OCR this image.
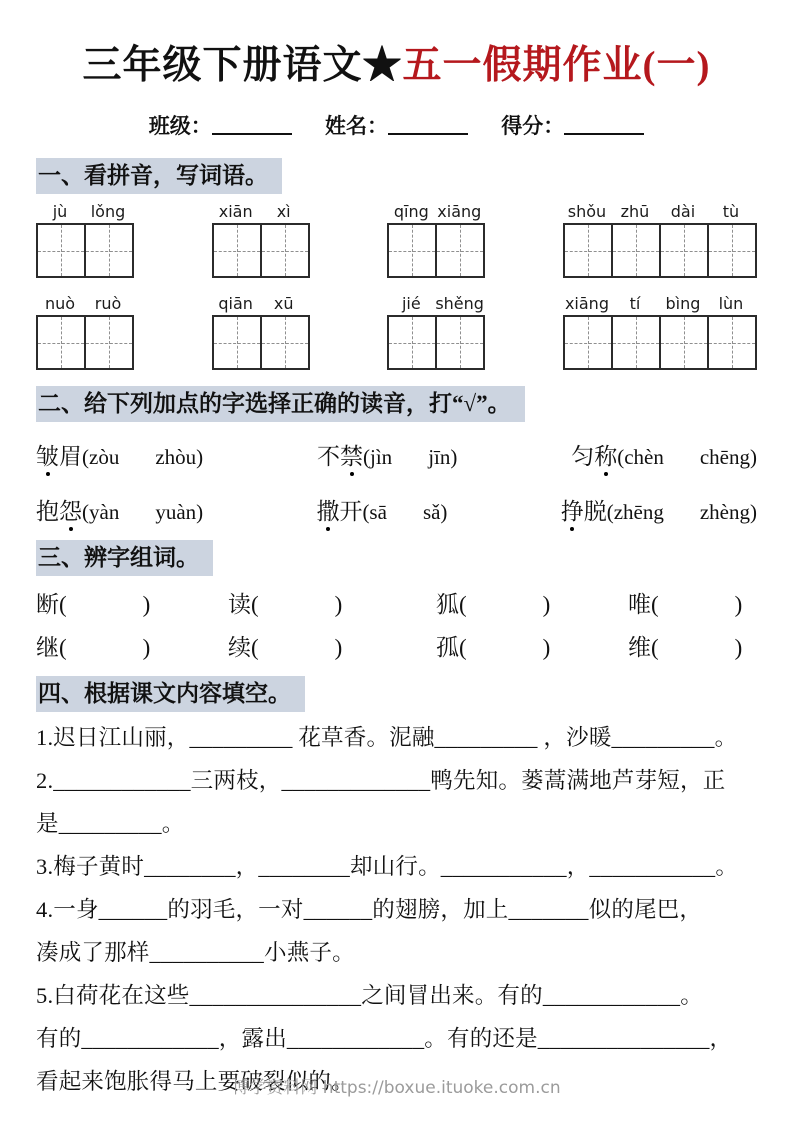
三年级下册语文★五一假期作业(一)
班级：	姓名：	得分：
一、看拼音，写词语。
jù	lǒng	xiān	xì	qīng xiāng	shǒu zhū	dài	tù
nuò	ruò	qiān	xū	jié shěng	xiāng	tí	bìng	lùn
二、给下列加点的字选择正确的读音，打“√”。
皱眉(zòu zhòu)	不禁(jìn jīn)	匀称(chèn chēng)
抱怨(yàn yuàn)	撒开(sā sǎ)	挣脱(zhēng zhèng)
三、辨字组词。
断(	)	读(	)	狐(	)	唯(	)
继(	)	续(	)	孤(	)	维(	)
四、根据课文内容填空。
1.迟日江山丽，_________ 花草香。泥融_________ ，沙暖_________。
2.____________三两枝，_____________鸭先知。蒌蒿满地芦芽短，正
是_________。
3.梅子黄时________，________却山行。___________，___________。
4.一身______的羽毛，一对______的翅膀，加上_______似的尾巴，
凑成了那样__________小燕子。
5.白荷花在这些_______________之间冒出来。有的____________。
有的____________，露出____________。有的还是_______________，
看起来饱胀得马上要破裂似的。
博学资料网 https://boxue.ituoke.com.cn
